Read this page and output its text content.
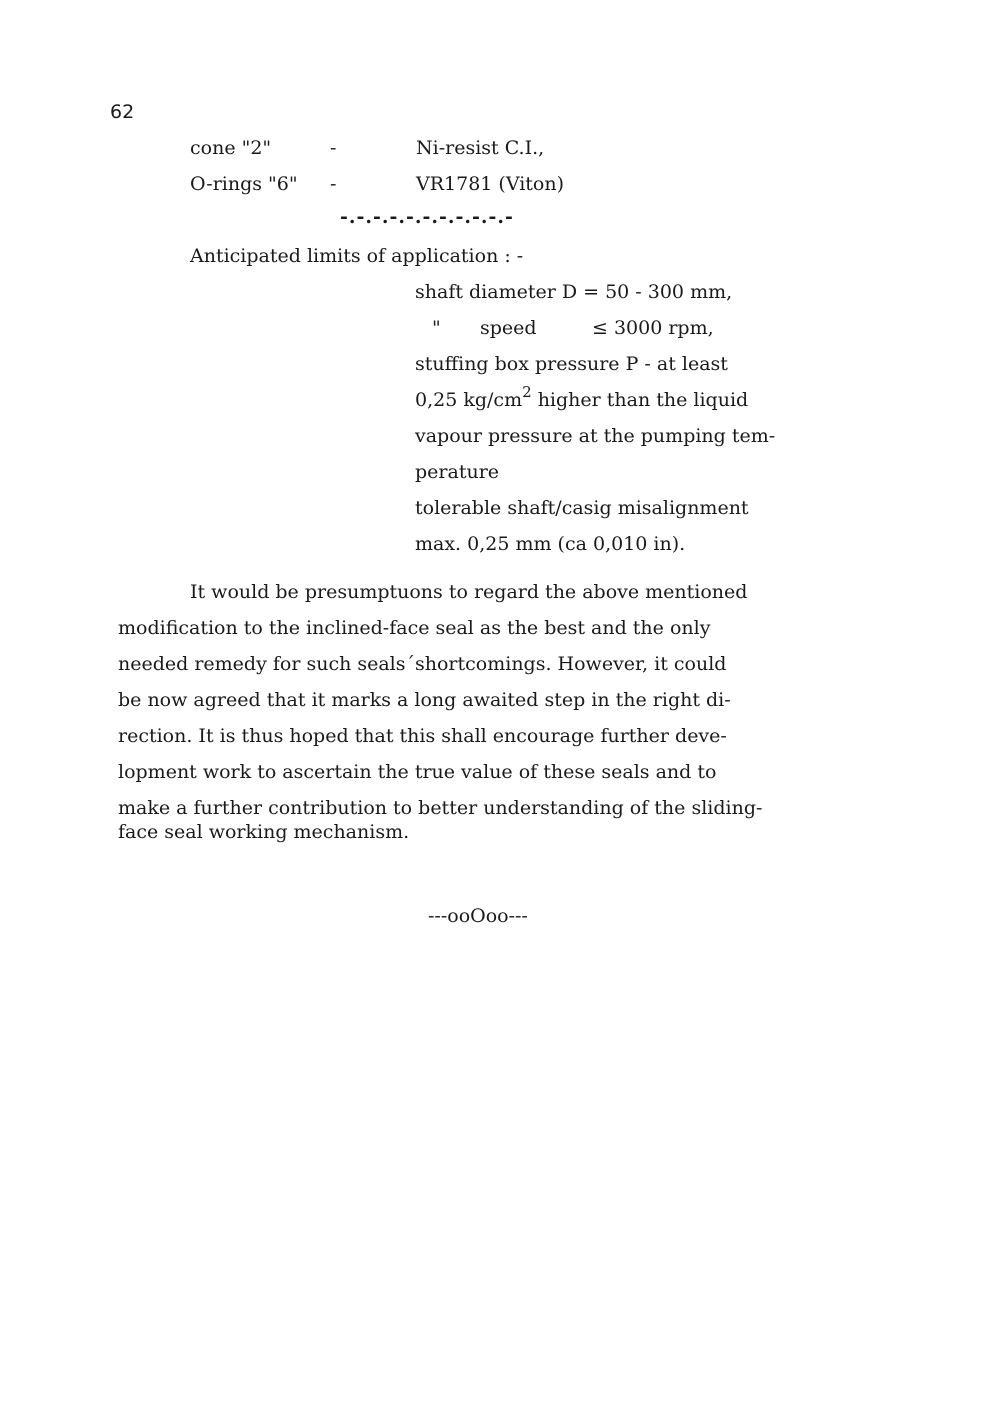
62
cone "2"	-	Ni-resist C.I.,
O-rings "6" -	VR1781 (Viton)
-.-.-.-.-.-.-.-.-.-.-
Anticipated limits of application : -
shaft diameter D = 50 - 300 mm,
" speed	≤ 3000 rpm,
stuffing box pressure P - at least
0,25 $kg/cm^2$ higher than the liquid
vapour pressure at the pumping tem-
perature
tolerable shaft/casig misalignment
max. 0,25 mm (ca 0,010 in).
It would be presumptuons to regard the above mentioned
modification to the inclined-face seal as the best and the only
needed remedy for such seals´shortcomings. However, it could
be now agreed that it marks a long awaited step in the right di-
rection. It is thus hoped that this shall encourage further deve-
lopment work to ascertain the true value of these seals and to
make a further contribution to better understanding of the sliding-
face seal working mechanism.
---ooOoo---
